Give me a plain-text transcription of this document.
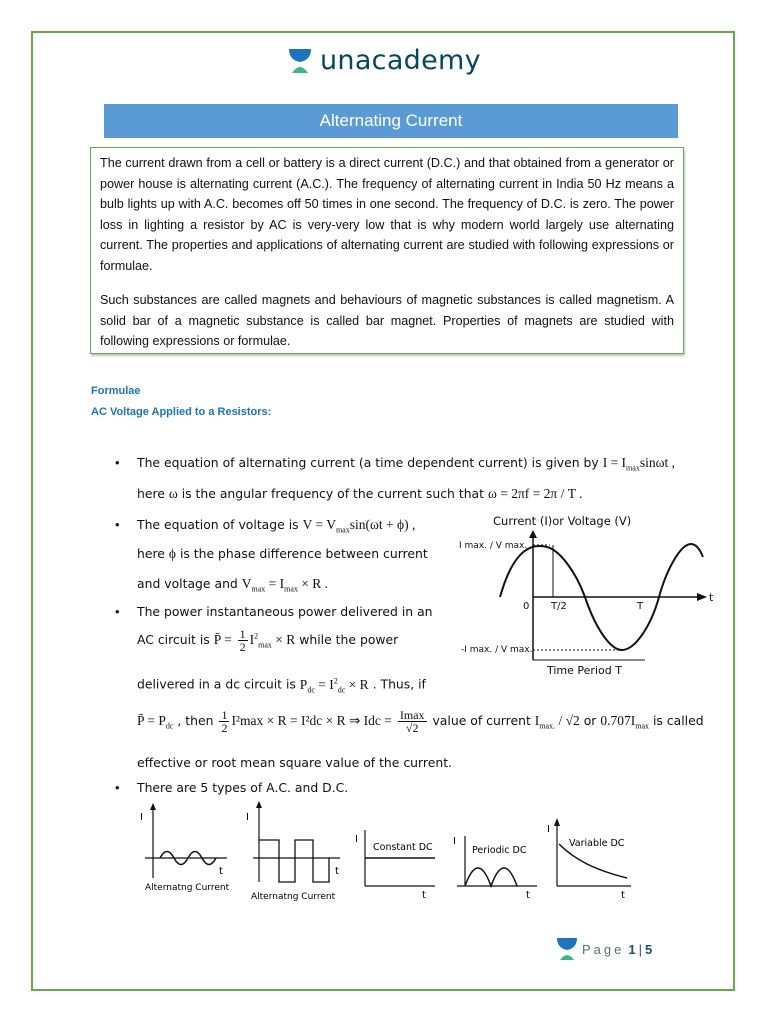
unacademy
Alternating Current

The current drawn from a cell or battery is a direct current (D.C.) and that obtained from a generator or power house is alternating current (A.C.). The frequency of alternating current in India 50 Hz means a bulb lights up with A.C. becomes off 50 times in one second. The frequency of D.C. is zero. The power loss in lighting a resistor by AC is very-very low that is why modern world largely use alternating current. The properties and applications of alternating current are studied with following expressions or formulae.

Such substances are called magnets and behaviours of magnetic substances is called magnetism. A solid bar of a magnetic substance is called bar magnet. Properties of magnets are studied with following expressions or formulae.

Formulae
AC Voltage Applied to a Resistors:
• The equation of alternating current (a time dependent current) is given by $I = I_{max}\sin\omega t$ ,
here ω is the angular frequency of the current such that ω = 2πf = 2π / T .
• The equation of voltage is $V = V_{max}\sin(\omega t + \phi)$ ,
here ϕ is the phase difference between current
and voltage and $V_{max} = I_{max} \times R$ .
• The power instantaneous power delivered in an
AC circuit is P̄ = $\frac{1}{2} I^2_{max} \times R$ while the power
delivered in a dc circuit is $P_{dc} = I^2_{dc} \times R$ . Thus, if
P̄ = $P_{dc}$ , then $\frac{1}{2} I^2\max \times R = I^2dc \times R$ ⇒ Idc = $\frac{Imax}{√2}$ value of current $I_{max.} / √2$ or $0.707I_{max}$ is called
effective or root mean square value of the current.
• There are 5 types of A.C. and D.C.
Current (I)or Voltage (V)
t
I max. / V max.
-I max. / V max.
0 T/2	T
Time Period T
I
t
Alternatng Current
I
t
Alternatng Current
I
Constant DC
t
I
Periodic DC
t
I
Variable DC
t
Page 1 | 5
